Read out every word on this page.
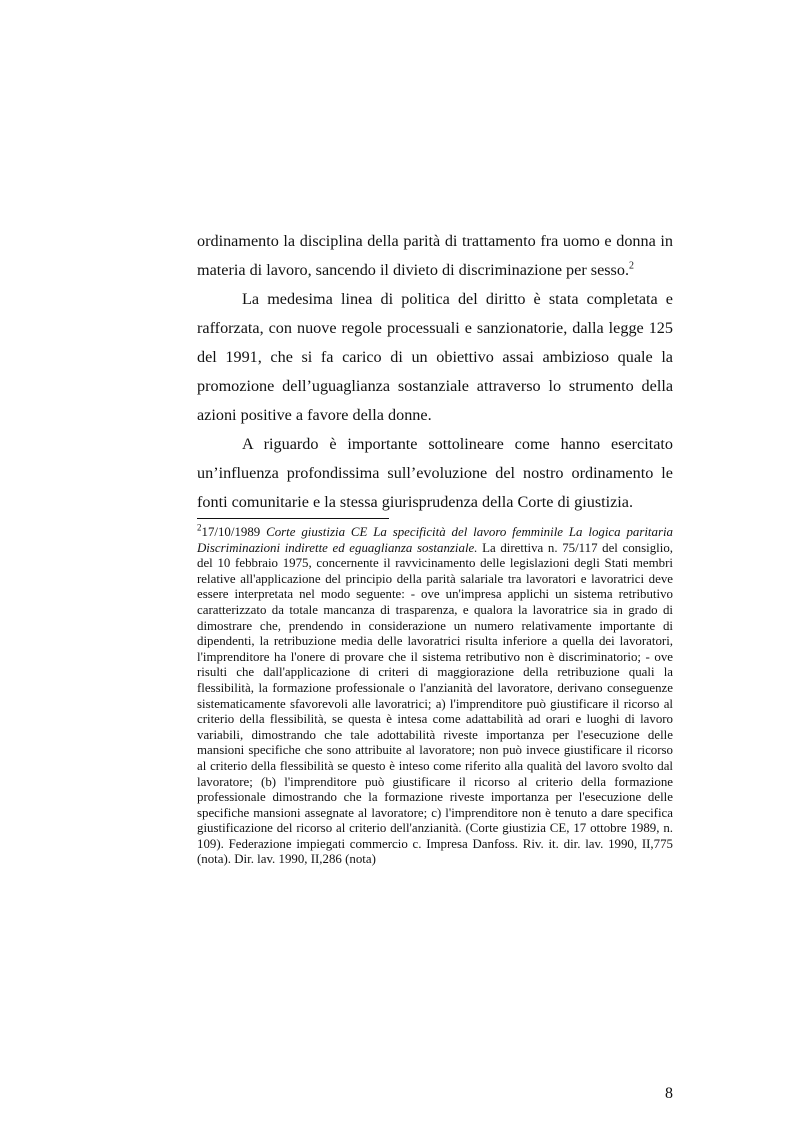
ordinamento la disciplina della parità di trattamento fra uomo e donna in materia di lavoro, sancendo il divieto di discriminazione per sesso.$^2$

La medesima linea di politica del diritto è stata completata e rafforzata, con nuove regole processuali e sanzionatorie, dalla legge 125 del 1991, che si fa carico di un obiettivo assai ambizioso quale la promozione dell’uguaglianza sostanziale attraverso lo strumento della azioni positive a favore della donne.

A riguardo è importante sottolineare come hanno esercitato un’influenza profondissima sull’evoluzione del nostro ordinamento le fonti comunitarie e la stessa giurisprudenza della Corte di giustizia.

$^2$17/10/1989 Corte giustizia CE La specificità del lavoro femminile La logica paritaria Discriminazioni indirette ed eguaglianza sostanziale. La direttiva n. 75/117 del consiglio, del 10 febbraio 1975, concernente il ravvicinamento delle legislazioni degli Stati membri relative all'applicazione del principio della parità salariale tra lavoratori e lavoratrici deve essere interpretata nel modo seguente: - ove un'impresa applichi un sistema retributivo caratterizzato da totale mancanza di trasparenza, e qualora la lavoratrice sia in grado di dimostrare che, prendendo in considerazione un numero relativamente importante di dipendenti, la retribuzione media delle lavoratrici risulta inferiore a quella dei lavoratori, l'imprenditore ha l'onere di provare che il sistema retributivo non è discriminatorio; - ove risulti che dall'applicazione di criteri di maggiorazione della retribuzione quali la flessibilità, la formazione professionale o l'anzianità del lavoratore, derivano conseguenze sistematicamente sfavorevoli alle lavoratrici; a) l'imprenditore può giustificare il ricorso al criterio della flessibilità, se questa è intesa come adattabilità ad orari e luoghi di lavoro variabili, dimostrando che tale adottabilità riveste importanza per l'esecuzione delle mansioni specifiche che sono attribuite al lavoratore; non può invece giustificare il ricorso al criterio della flessibilità se questo è inteso come riferito alla qualità del lavoro svolto dal lavoratore; (b) l'imprenditore può giustificare il ricorso al criterio della formazione professionale dimostrando che la formazione riveste importanza per l'esecuzione delle specifiche mansioni assegnate al lavoratore; c) l'imprenditore non è tenuto a dare specifica giustificazione del ricorso al criterio dell'anzianità. (Corte giustizia CE, 17 ottobre 1989, n. 109). Federazione impiegati commercio c. Impresa Danfoss. Riv. it. dir. lav. 1990, II,775 (nota). Dir. lav. 1990, II,286 (nota)
8
